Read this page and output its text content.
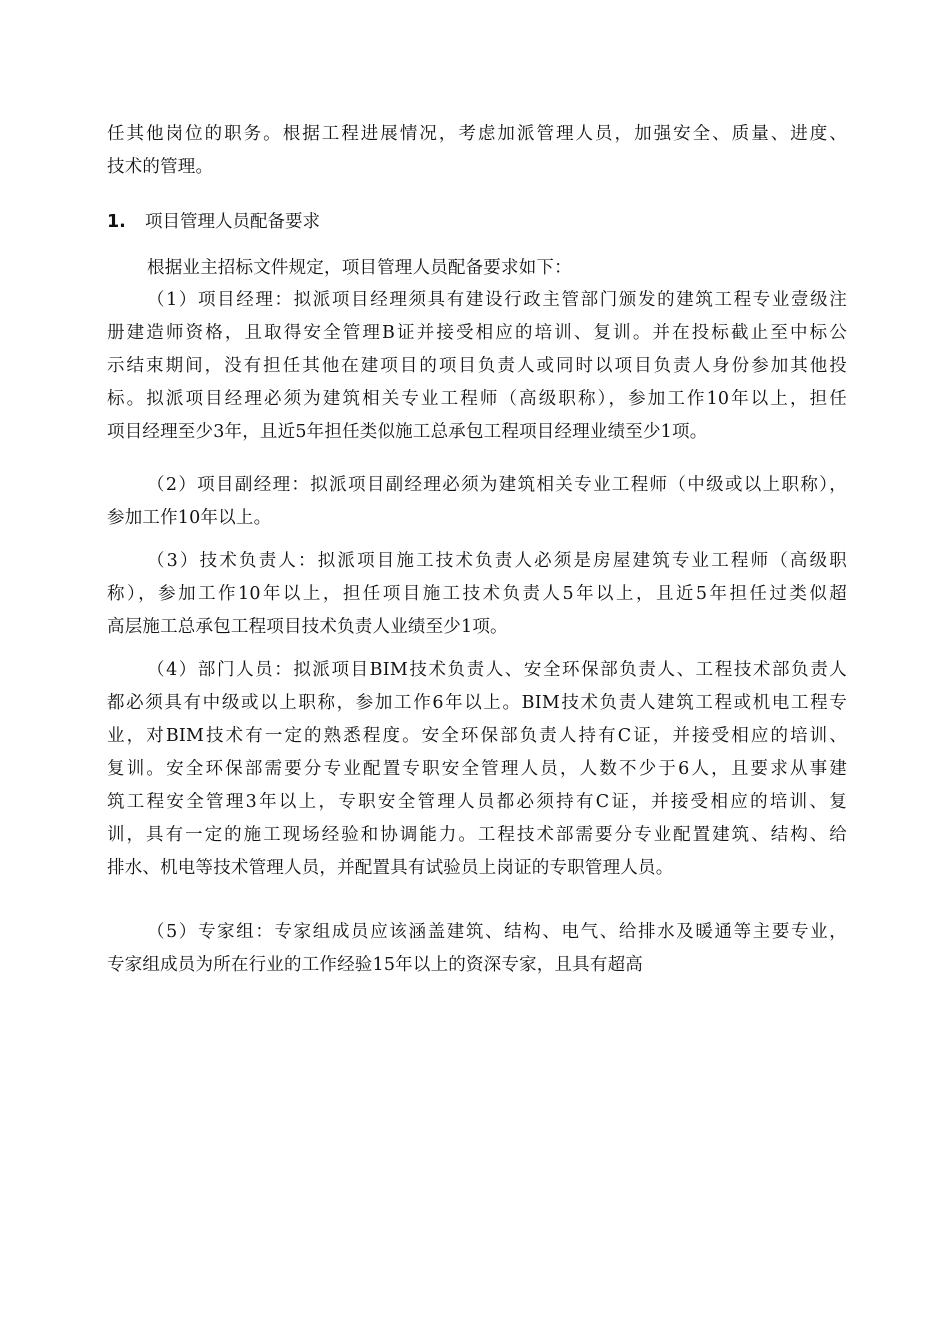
任其他岗位的职务。根据工程进展情况，考虑加派管理人员，加强安全、质量、进度、
技术的管理。
1. 项目管理人员配备要求
根据业主招标文件规定，项目管理人员配备要求如下：
（1）项目经理：拟派项目经理须具有建设行政主管部门颁发的建筑工程专业壹级注
册建造师资格，且取得安全管理B证并接受相应的培训、复训。并在投标截止至中标公
示结束期间，没有担任其他在建项目的项目负责人或同时以项目负责人身份参加其他投
标。拟派项目经理必须为建筑相关专业工程师（高级职称），参加工作10年以上，担任
项目经理至少3年，且近5年担任类似施工总承包工程项目经理业绩至少1项。
（2）项目副经理：拟派项目副经理必须为建筑相关专业工程师（中级或以上职称），
参加工作10年以上。
（3）技术负责人：拟派项目施工技术负责人必须是房屋建筑专业工程师（高级职
称），参加工作10年以上，担任项目施工技术负责人5年以上，且近5年担任过类似超
高层施工总承包工程项目技术负责人业绩至少1项。
（4）部门人员：拟派项目BIM技术负责人、安全环保部负责人、工程技术部负责人
都必须具有中级或以上职称，参加工作6年以上。BIM技术负责人建筑工程或机电工程专
业，对BIM技术有一定的熟悉程度。安全环保部负责人持有C证，并接受相应的培训、
复训。安全环保部需要分专业配置专职安全管理人员，人数不少于6人，且要求从事建
筑工程安全管理3年以上，专职安全管理人员都必须持有C证，并接受相应的培训、复
训，具有一定的施工现场经验和协调能力。工程技术部需要分专业配置建筑、结构、给
排水、机电等技术管理人员，并配置具有试验员上岗证的专职管理人员。
（5）专家组：专家组成员应该涵盖建筑、结构、电气、给排水及暖通等主要专业，
专家组成员为所在行业的工作经验15年以上的资深专家，且具有超高
